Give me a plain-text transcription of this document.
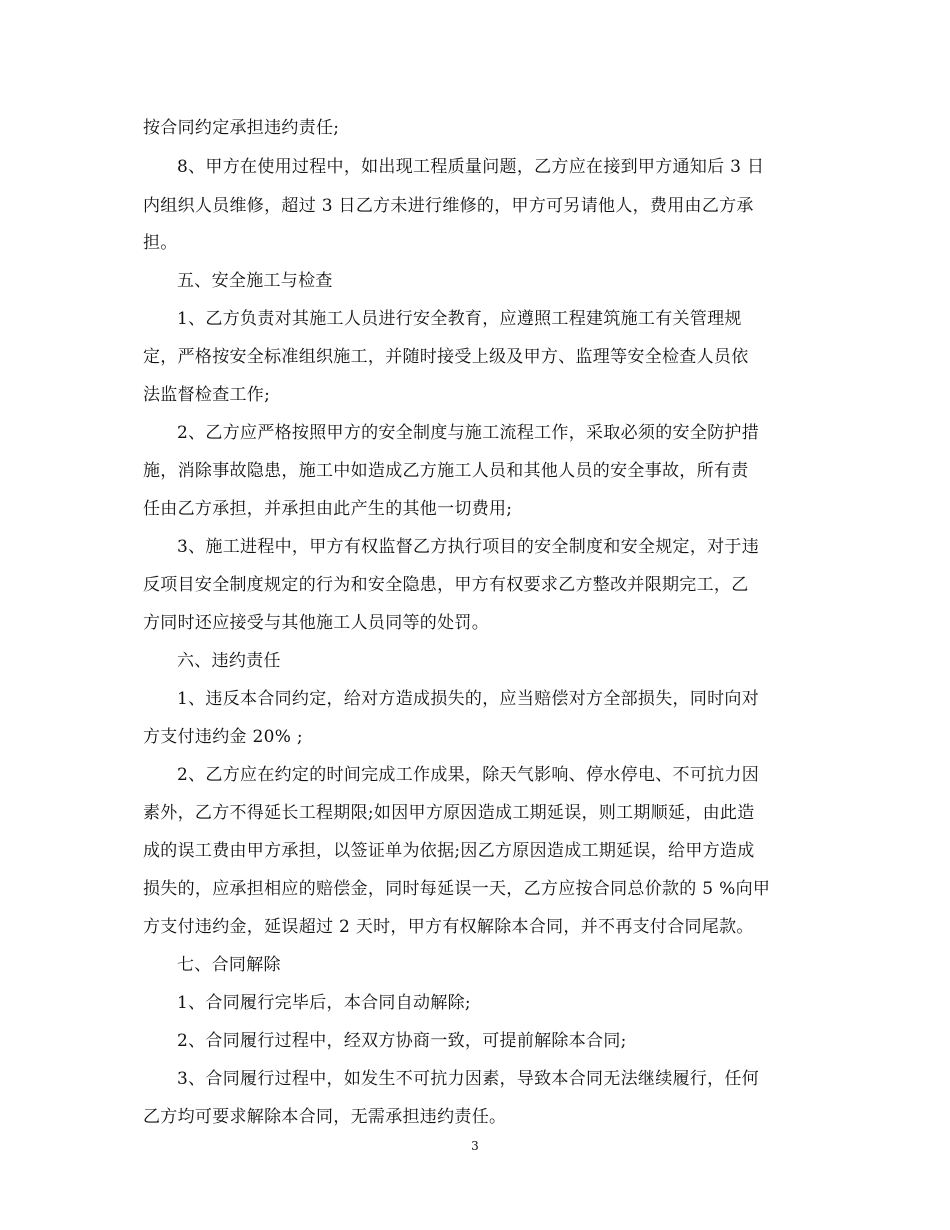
按合同约定承担违约责任;
8、甲方在使用过程中，如出现工程质量问题，乙方应在接到甲方通知后 3 日
内组织人员维修，超过 3 日乙方未进行维修的，甲方可另请他人，费用由乙方承
担。
五、安全施工与检查
1、乙方负责对其施工人员进行安全教育，应遵照工程建筑施工有关管理规
定，严格按安全标准组织施工，并随时接受上级及甲方、监理等安全检查人员依
法监督检查工作;
2、乙方应严格按照甲方的安全制度与施工流程工作，采取必须的安全防护措
施，消除事故隐患，施工中如造成乙方施工人员和其他人员的安全事故，所有责
任由乙方承担，并承担由此产生的其他一切费用;
3、施工进程中，甲方有权监督乙方执行项目的安全制度和安全规定，对于违
反项目安全制度规定的行为和安全隐患，甲方有权要求乙方整改并限期完工，乙
方同时还应接受与其他施工人员同等的处罚。
六、违约责任
1、违反本合同约定，给对方造成损失的，应当赔偿对方全部损失，同时向对
方支付违约金 20% ;
2、乙方应在约定的时间完成工作成果，除天气影响、停水停电、不可抗力因
素外，乙方不得延长工程期限;如因甲方原因造成工期延误，则工期顺延，由此造
成的误工费由甲方承担，以签证单为依据;因乙方原因造成工期延误，给甲方造成
损失的，应承担相应的赔偿金，同时每延误一天，乙方应按合同总价款的 5 %向甲
方支付违约金，延误超过 2 天时，甲方有权解除本合同，并不再支付合同尾款。
七、合同解除
1、合同履行完毕后，本合同自动解除;
2、合同履行过程中，经双方协商一致，可提前解除本合同;
3、合同履行过程中，如发生不可抗力因素，导致本合同无法继续履行，任何
乙方均可要求解除本合同，无需承担违约责任。
3
